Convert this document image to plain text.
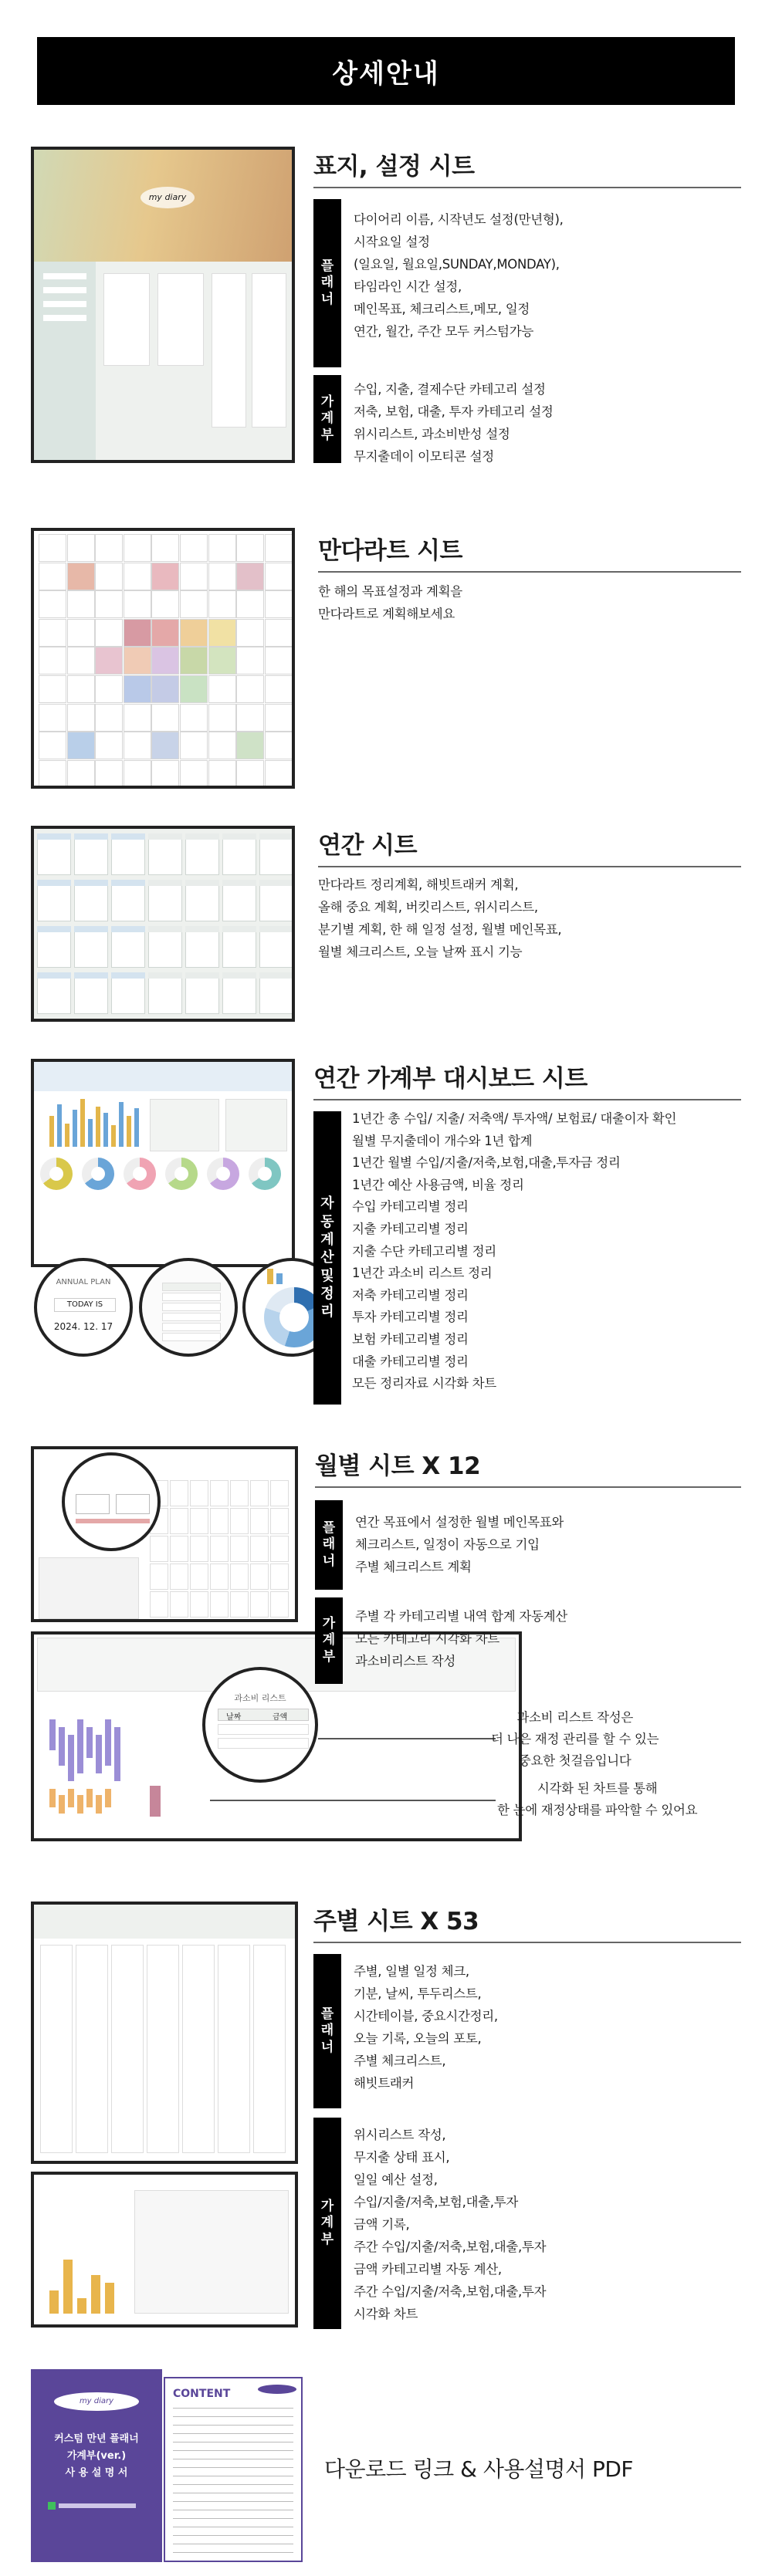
상세안내
my diary
표지, 설정 시트
플
래
너
다이어리 이름, 시작년도 설정(만년형),
시작요일 설정
(일요일, 월요일,SUNDAY,MONDAY),
타임라인 시간 설정,
메인목표, 체크리스트,메모, 일정
연간, 월간, 주간 모두 커스텀가능
가
계
부
수입, 지출, 결제수단 카테고리 설정
저축, 보험, 대출, 투자 카테고리 설정
위시리스트, 과소비반성 설정
무지출데이 이모티콘 설정
만다라트 시트
한 해의 목표설정과 계획을
만다라트로 계획해보세요
연간 시트
만다라트 정리계획, 해빗트래커 계획,
올해 중요 계획, 버킷리스트, 위시리스트,
분기별 계획, 한 해 일정 설정, 월별 메인목표,
월별 체크리스트, 오늘 날짜 표시 기능
ANNUAL PLAN
TODAY IS
2024. 12. 17
연간 가계부 대시보드 시트
자
동
계
산
및
정
리
1년간 총 수입/ 지출/ 저축액/ 투자액/ 보험료/ 대출이자 확인
월별 무지출데이 개수와 1년 합계
1년간 월별 수입/지출/저축,보험,대출,투자금 정리
1년간 예산 사용금액, 비율 정리
수입 카테고리별 정리
지출 카테고리별 정리
지출 수단 카테고리별 정리
1년간 과소비 리스트 정리
저축 카테고리별 정리
투자 카테고리별 정리
보험 카테고리별 정리
대출 카테고리별 정리
모든 정리자료 시각화 차트
과소비 리스트
날짜	금액
월별 시트 X 12
플
래
너
연간 목표에서 설정한 월별 메인목표와
체크리스트, 일정이 자동으로 기입
주별 체크리스트 계획
가
계
부
주별 각 카테고리별 내역 합계 자동계산
모든 카테고리 시각화 차트
과소비리스트 작성
과소비 리스트 작성은
더 나은 재정 관리를 할 수 있는
중요한 첫걸음입니다
시각화 된 차트를 통해
한 눈에 재정상태를 파악할 수 있어요
주별 시트 X 53
플
래
너
주별, 일별 일정 체크,
기분, 날씨, 투두리스트,
시간테이블, 중요시간정리,
오늘 기록, 오늘의 포토,
주별 체크리스트,
해빗트래커
가
계
부
위시리스트 작성,
무지출 상태 표시,
일일 예산 설정,
수입/지출/저축,보험,대출,투자
금액 기록,
주간 수입/지출/저축,보험,대출,투자
금액 카테고리별 자동 계산,
주간 수입/지출/저축,보험,대출,투자
시각화 차트
my diary
커스텀 만년 플래너
가계부(ver.)
사 용 설 명 서
CONTENT
다운로드 링크 & 사용설명서 PDF
